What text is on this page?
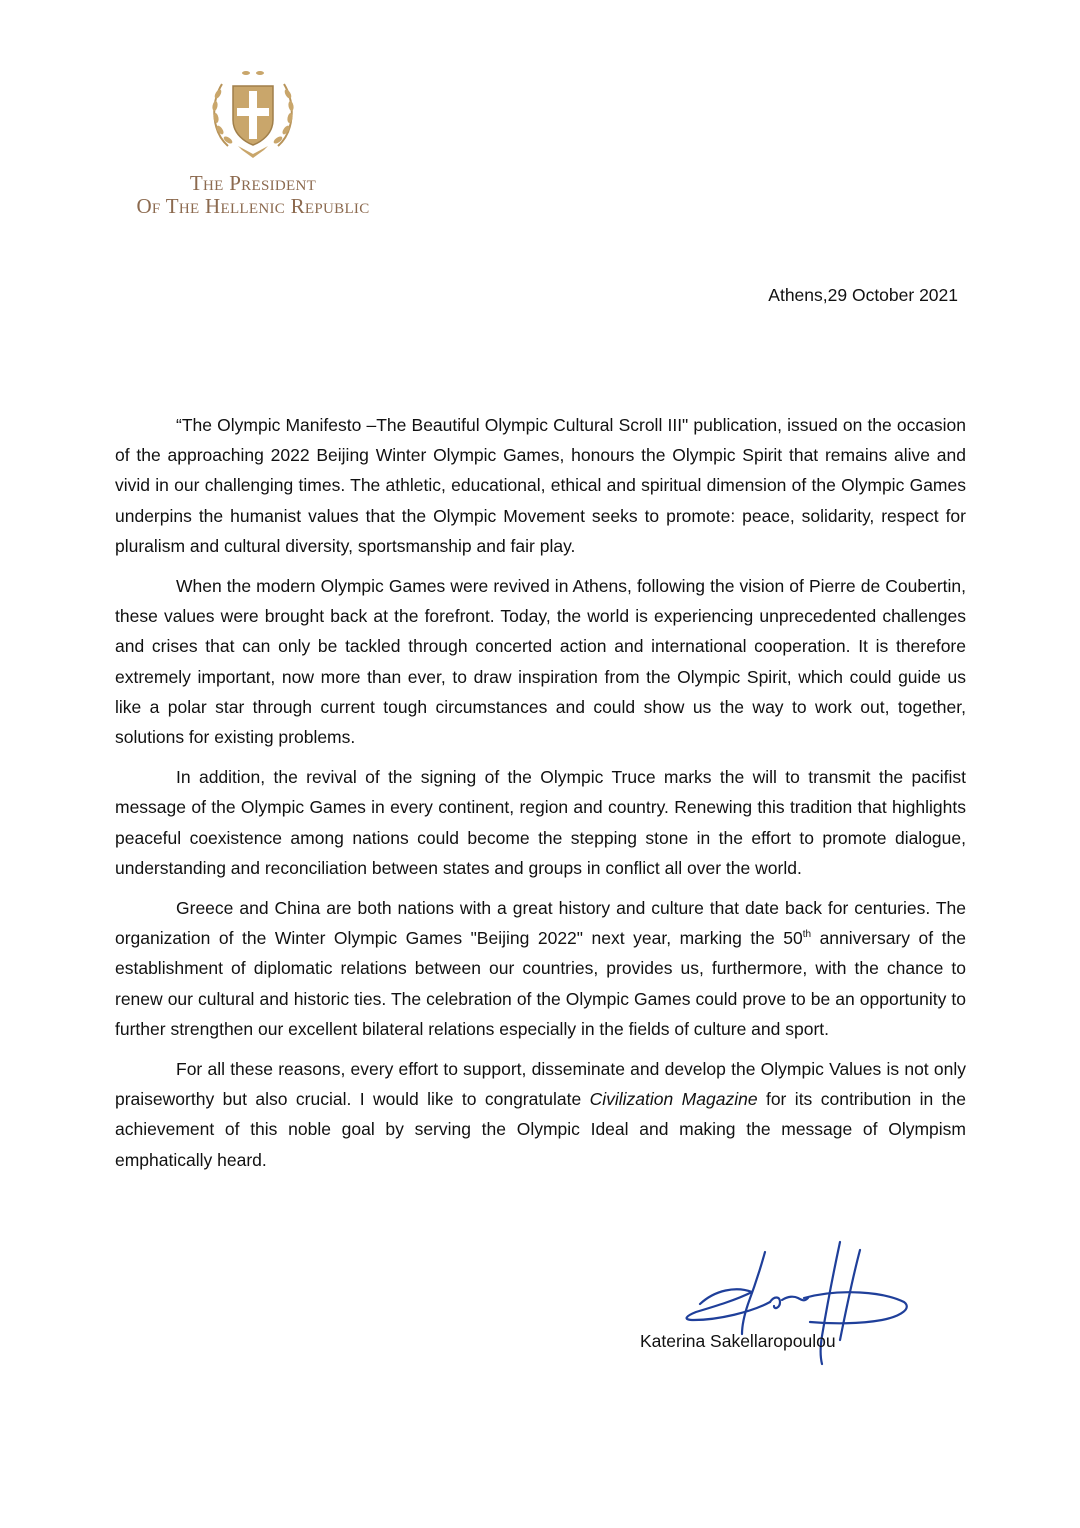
The President
Of The Hellenic Republic
Athens,29 October 2021

“The Olympic Manifesto –The Beautiful Olympic Cultural Scroll III" publication, issued on the occasion of the approaching 2022 Beijing Winter Olympic Games, honours the Olympic Spirit that remains alive and vivid in our challenging times. The athletic, educational, ethical and spiritual dimension of the Olympic Games underpins the humanist values that the Olympic Movement seeks to promote: peace, solidarity, respect for pluralism and cultural diversity, sportsmanship and fair play.

When the modern Olympic Games were revived in Athens, following the vision of Pierre de Coubertin, these values were brought back at the forefront. Today, the world is experiencing unprecedented challenges and crises that can only be tackled through concerted action and international cooperation. It is therefore extremely important, now more than ever, to draw inspiration from the Olympic Spirit, which could guide us like a polar star through current tough circumstances and could show us the way to work out, together, solutions for existing problems.

In addition, the revival of the signing of the Olympic Truce marks the will to transmit the pacifist message of the Olympic Games in every continent, region and country. Renewing this tradition that highlights peaceful coexistence among nations could become the stepping stone in the effort to promote dialogue, understanding and reconciliation between states and groups in conflict all over the world.

Greece and China are both nations with a great history and culture that date back for centuries. The organization of the Winter Olympic Games "Beijing 2022" next year, marking the 50th anniversary of the establishment of diplomatic relations between our countries, provides us, furthermore, with the chance to renew our cultural and historic ties. The celebration of the Olympic Games could prove to be an opportunity to further strengthen our excellent bilateral relations especially in the fields of culture and sport.

For all these reasons, every effort to support, disseminate and develop the Olympic Values is not only praiseworthy but also crucial. I would like to congratulate Civilization Magazine for its contribution in the achievement of this noble goal by serving the Olympic Ideal and making the message of Olympism emphatically heard.

Katerina Sakellaropoulou
